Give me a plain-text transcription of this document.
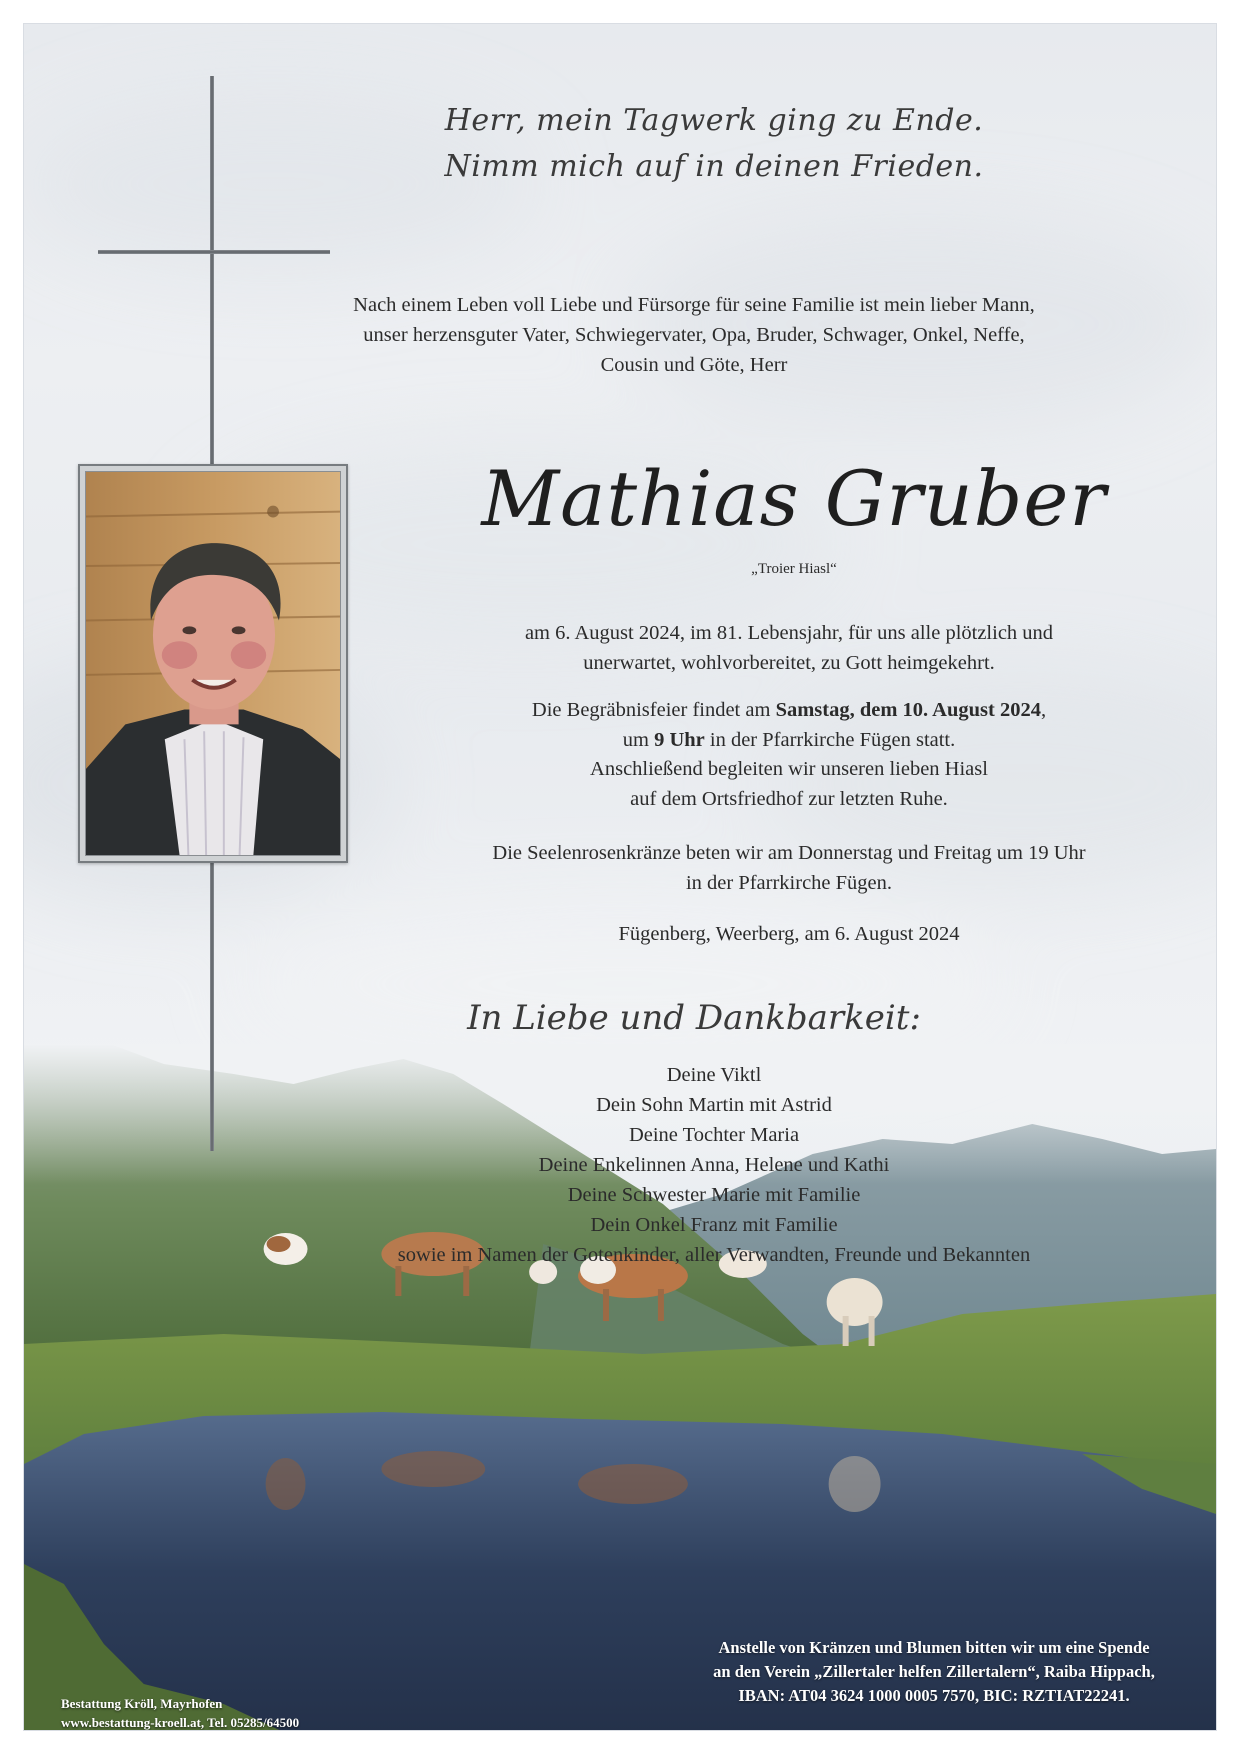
Herr, mein Tagwerk ging zu Ende.
Nimm mich auf in deinen Frieden.
Nach einem Leben voll Liebe und Fürsorge für seine Familie ist mein lieber Mann,
unser herzensguter Vater, Schwiegervater, Opa, Bruder, Schwager, Onkel, Neffe,
Cousin und Göte, Herr
Mathias Gruber
„Troier Hiasl“
am 6. August 2024, im 81. Lebensjahr, für uns alle plötzlich und
unerwartet, wohlvorbereitet, zu Gott heimgekehrt.
Die Begräbnisfeier findet am Samstag, dem 10. August 2024,
um 9 Uhr in der Pfarrkirche Fügen statt.
Anschließend begleiten wir unseren lieben Hiasl
auf dem Ortsfriedhof zur letzten Ruhe.
Die Seelenrosenkränze beten wir am Donnerstag und Freitag um 19 Uhr
in der Pfarrkirche Fügen.
Fügenberg, Weerberg, am 6. August 2024
In Liebe und Dankbarkeit:
Deine Viktl
Dein Sohn Martin mit Astrid
Deine Tochter Maria
Deine Enkelinnen Anna, Helene und Kathi
Deine Schwester Marie mit Familie
Dein Onkel Franz mit Familie
sowie im Namen der Gotenkinder, aller Verwandten, Freunde und Bekannten
Anstelle von Kränzen und Blumen bitten wir um eine Spende
an den Verein „Zillertaler helfen Zillertalern“, Raiba Hippach,
IBAN: AT04 3624 1000 0005 7570, BIC: RZTIAT22241.
Bestattung Kröll, Mayrhofen
www.bestattung-kroell.at, Tel. 05285/64500
